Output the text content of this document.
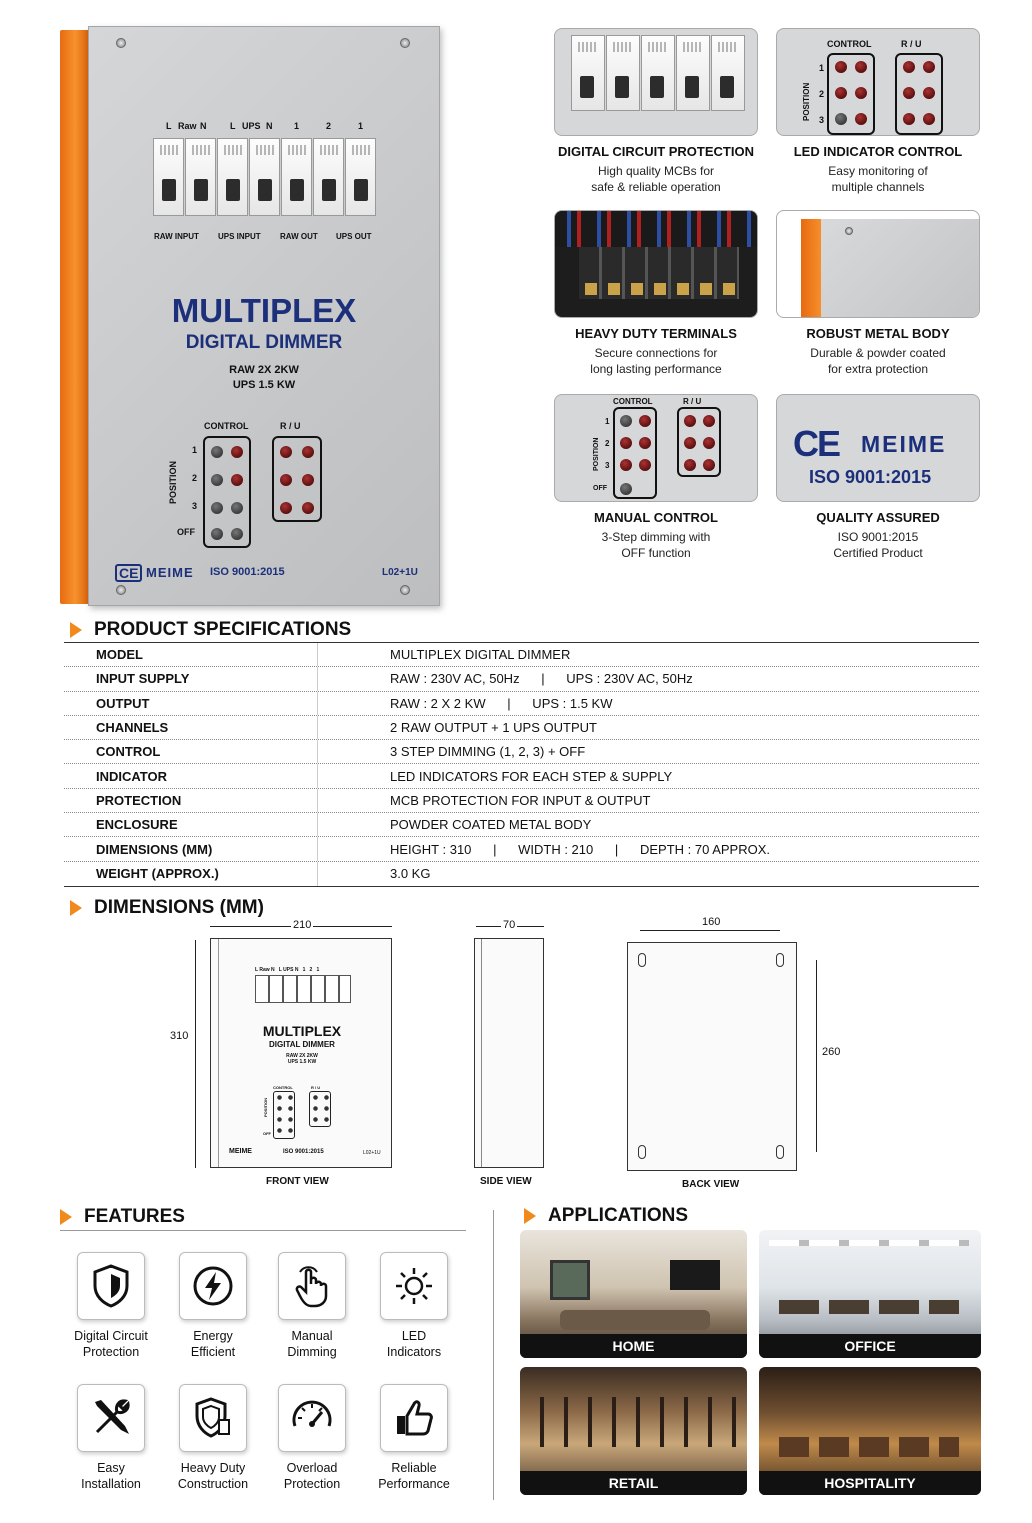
L Raw N	L UPS N	1	2	1
RAW INPUT UPS INPUT RAW OUT UPS OUT
MULTIPLEX
DIGITAL DIMMER
RAW 2X 2KW
UPS 1.5 KW
CONTROL	R / U
POSITION
1
2
3
OFF
CE MEIME ISO 9001:2015	L02+1U
DIGITAL CIRCUIT PROTECTION
High quality MCBs for
safe & reliable operation
CONTROL	R / U
POSITION
1
2
3
LED INDICATOR CONTROL
Easy monitoring of
multiple channels
HEAVY DUTY TERMINALS
Secure connections for
long lasting performance
ROBUST METAL BODY
Durable & powder coated
for extra protection
CONTROL	R / U
POSITION
1
2
3
OFF
MANUAL CONTROL
3-Step dimming with
OFF function
CE MEIME
ISO 9001:2015
QUALITY ASSURED
ISO 9001:2015
Certified Product
PRODUCT SPECIFICATIONS
MODEL	MULTIPLEX DIGITAL DIMMER
INPUT SUPPLY	RAW : 230V AC, 50Hz      |      UPS : 230V AC, 50Hz
OUTPUT	RAW : 2 X 2 KW      |      UPS : 1.5 KW
CHANNELS	2 RAW OUTPUT + 1 UPS OUTPUT
CONTROL	3 STEP DIMMING (1, 2, 3) + OFF
INDICATOR	LED INDICATORS FOR EACH STEP & SUPPLY
PROTECTION	MCB PROTECTION FOR INPUT & OUTPUT
ENCLOSURE	POWDER COATED METAL BODY
DIMENSIONS (MM)	HEIGHT : 310      |      WIDTH : 210      |      DEPTH : 70 APPROX.
WEIGHT (APPROX.)	3.0 KG
DIMENSIONS (MM)
210
310
L Raw N   L UPS N   1   2   1
MULTIPLEX
DIGITAL DIMMER
RAW 2X 2KW
UPS 1.5 KW
CONTROL	R / U
POSITION
OFF
MEIME	ISO 9001:2015	L02+1U
FRONT VIEW
70
SIDE VIEW
160
260
BACK VIEW
FEATURES
Digital Circuit
Protection
Energy
Efficient
Manual
Dimming
LED
Indicators
Easy
Installation
Heavy Duty
Construction
Overload
Protection
Reliable
Performance
APPLICATIONS
HOME	OFFICE
RETAIL	HOSPITALITY
